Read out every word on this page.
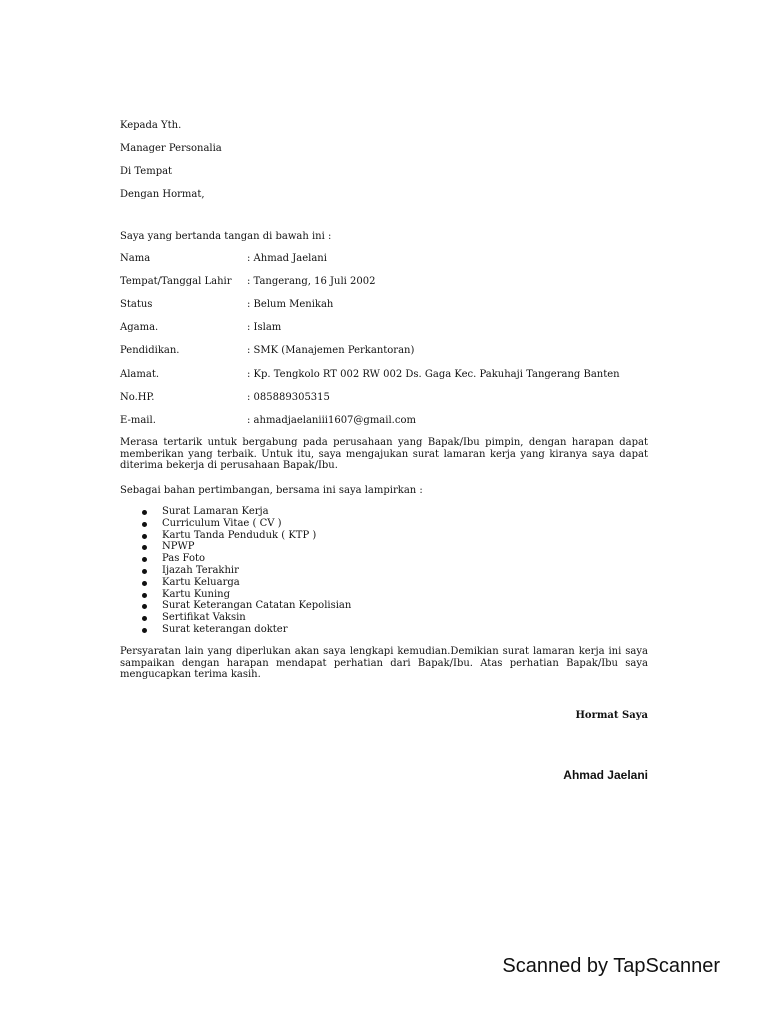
Kepada Yth.
Manager Personalia
Di Tempat
Dengan Hormat,
Saya yang bertanda tangan di bawah ini :
Nama	: Ahmad Jaelani
Tempat/Tanggal Lahir : Tangerang, 16 Juli 2002
Status	: Belum Menikah
Agama.	: Islam
Pendidikan.	: SMK (Manajemen Perkantoran)
Alamat.	: Kp. Tengkolo RT 002 RW 002 Ds. Gaga Kec. Pakuhaji Tangerang Banten
No.HP.	: 085889305315
E-mail.	: ahmadjaelaniii1607@gmail.com
Merasa tertarik untuk bergabung pada perusahaan yang Bapak/Ibu pimpin, dengan harapan dapat memberikan yang terbaik. Untuk itu, saya mengajukan surat lamaran kerja yang kiranya saya dapat diterima bekerja di perusahaan Bapak/Ibu.
Sebagai bahan pertimbangan, bersama ini saya lampirkan :
Surat Lamaran Kerja
Curriculum Vitae ( CV )
Kartu Tanda Penduduk ( KTP )
NPWP
Pas Foto
Ijazah Terakhir
Kartu Keluarga
Kartu Kuning
Surat Keterangan Catatan Kepolisian
Sertifikat Vaksin
Surat keterangan dokter
Persyaratan lain yang diperlukan akan saya lengkapi kemudian.Demikian surat lamaran kerja ini saya sampaikan dengan harapan mendapat perhatian dari Bapak/Ibu. Atas perhatian Bapak/Ibu saya mengucapkan terima kasih.
Hormat Saya
Ahmad Jaelani
Scanned by TapScanner
